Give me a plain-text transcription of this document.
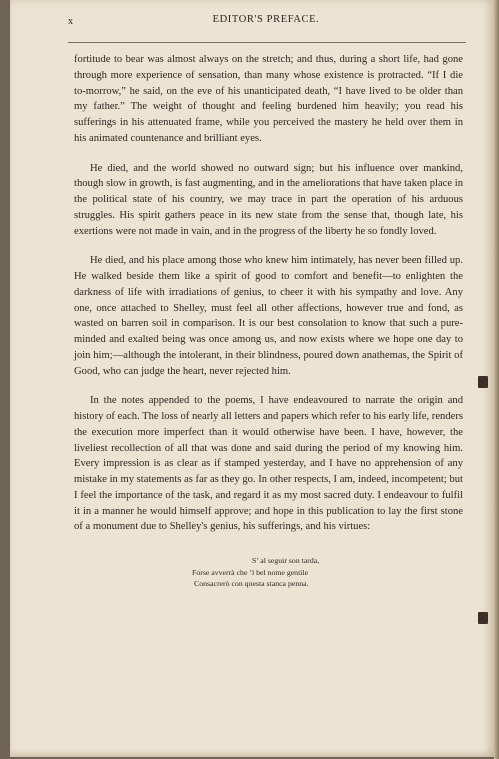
x	EDITOR'S PREFACE.

fortitude to bear was almost always on the stretch; and thus, during a short life, had gone through more experience of sensation, than many whose existence is protracted. “If I die to-morrow,” he said, on the eve of his unanticipated death, “I have lived to be older than my father.” The weight of thought and feeling burdened him heavily; you read his sufferings in his attenuated frame, while you perceived the mastery he held over them in his animated countenance and brilliant eyes.

He died, and the world showed no outward sign; but his influence over mankind, though slow in growth, is fast augmenting, and in the ameliorations that have taken place in the political state of his country, we may trace in part the operation of his arduous struggles. His spirit gathers peace in its new state from the sense that, though late, his exertions were not made in vain, and in the progress of the liberty he so fondly loved.

He died, and his place among those who knew him intimately, has never been filled up. He walked beside them like a spirit of good to comfort and benefit—to enlighten the darkness of life with irradiations of genius, to cheer it with his sympathy and love. Any one, once attached to Shelley, must feel all other affections, however true and fond, as wasted on barren soil in comparison. It is our best consolation to know that such a pure-minded and exalted being was once among us, and now exists where we hope one day to join him;—although the intolerant, in their blindness, poured down anathemas, the Spirit of Good, who can judge the heart, never rejected him.

In the notes appended to the poems, I have endeavoured to narrate the origin and history of each. The loss of nearly all letters and papers which refer to his early life, renders the execution more imperfect than it would otherwise have been. I have, however, the liveliest recollection of all that was done and said during the period of my knowing him. Every impression is as clear as if stamped yesterday, and I have no apprehension of any mistake in my statements as far as they go. In other respects, I am, indeed, incompetent; but I feel the importance of the task, and regard it as my most sacred duty. I endeavour to fulfil it in a manner he would himself approve; and hope in this publication to lay the first stone of a monument due to Shelley's genius, his sufferings, and his virtues:

S’ al seguir son tarda,
Forse avverrà che ’l bel nome gentile
Consacrerò con questa stanca penna.
